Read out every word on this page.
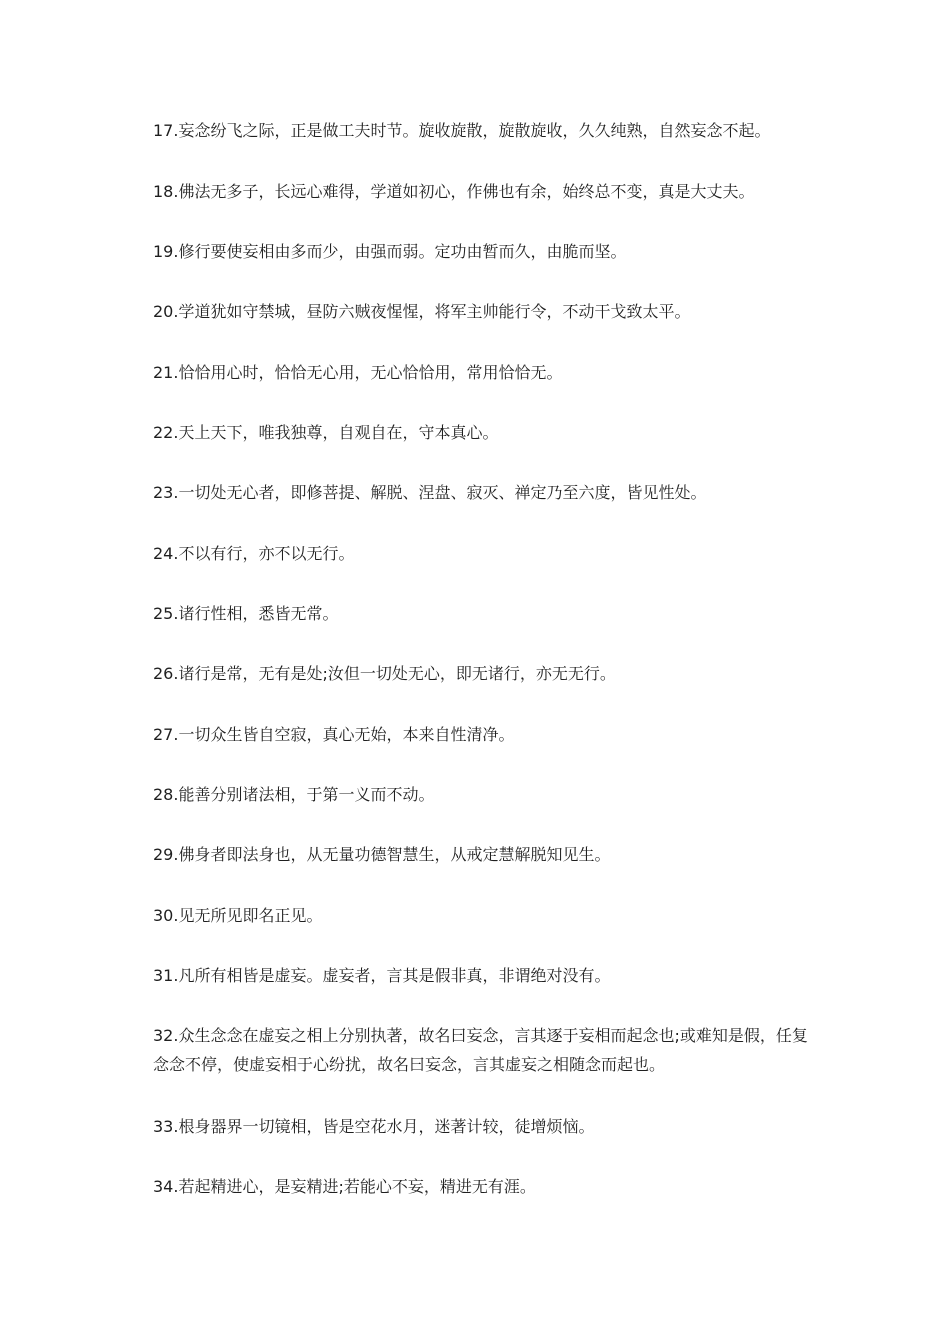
17.妄念纷飞之际，正是做工夫时节。旋收旋散，旋散旋收，久久纯熟，自然妄念不起。

18.佛法无多子，长远心难得，学道如初心，作佛也有余，始终总不变，真是大丈夫。

19.修行要使妄相由多而少，由强而弱。定功由暂而久，由脆而坚。

20.学道犹如守禁城，昼防六贼夜惺惺，将军主帅能行令，不动干戈致太平。

21.恰恰用心时，恰恰无心用，无心恰恰用，常用恰恰无。

22.天上天下，唯我独尊，自观自在，守本真心。

23.一切处无心者，即修菩提、解脱、涅盘、寂灭、禅定乃至六度，皆见性处。

24.不以有行，亦不以无行。

25.诸行性相，悉皆无常。

26.诸行是常，无有是处;汝但一切处无心，即无诸行，亦无无行。

27.一切众生皆自空寂，真心无始，本来自性清净。

28.能善分别诸法相，于第一义而不动。

29.佛身者即法身也，从无量功德智慧生，从戒定慧解脱知见生。

30.见无所见即名正见。

31.凡所有相皆是虚妄。虚妄者，言其是假非真，非谓绝对没有。

32.众生念念在虚妄之相上分别执著，故名曰妄念，言其逐于妄相而起念也;或难知是假，任复念念不停，使虚妄相于心纷扰，故名曰妄念，言其虚妄之相随念而起也。

33.根身器界一切镜相，皆是空花水月，迷著计较，徒增烦恼。

34.若起精进心，是妄精进;若能心不妄，精进无有涯。
